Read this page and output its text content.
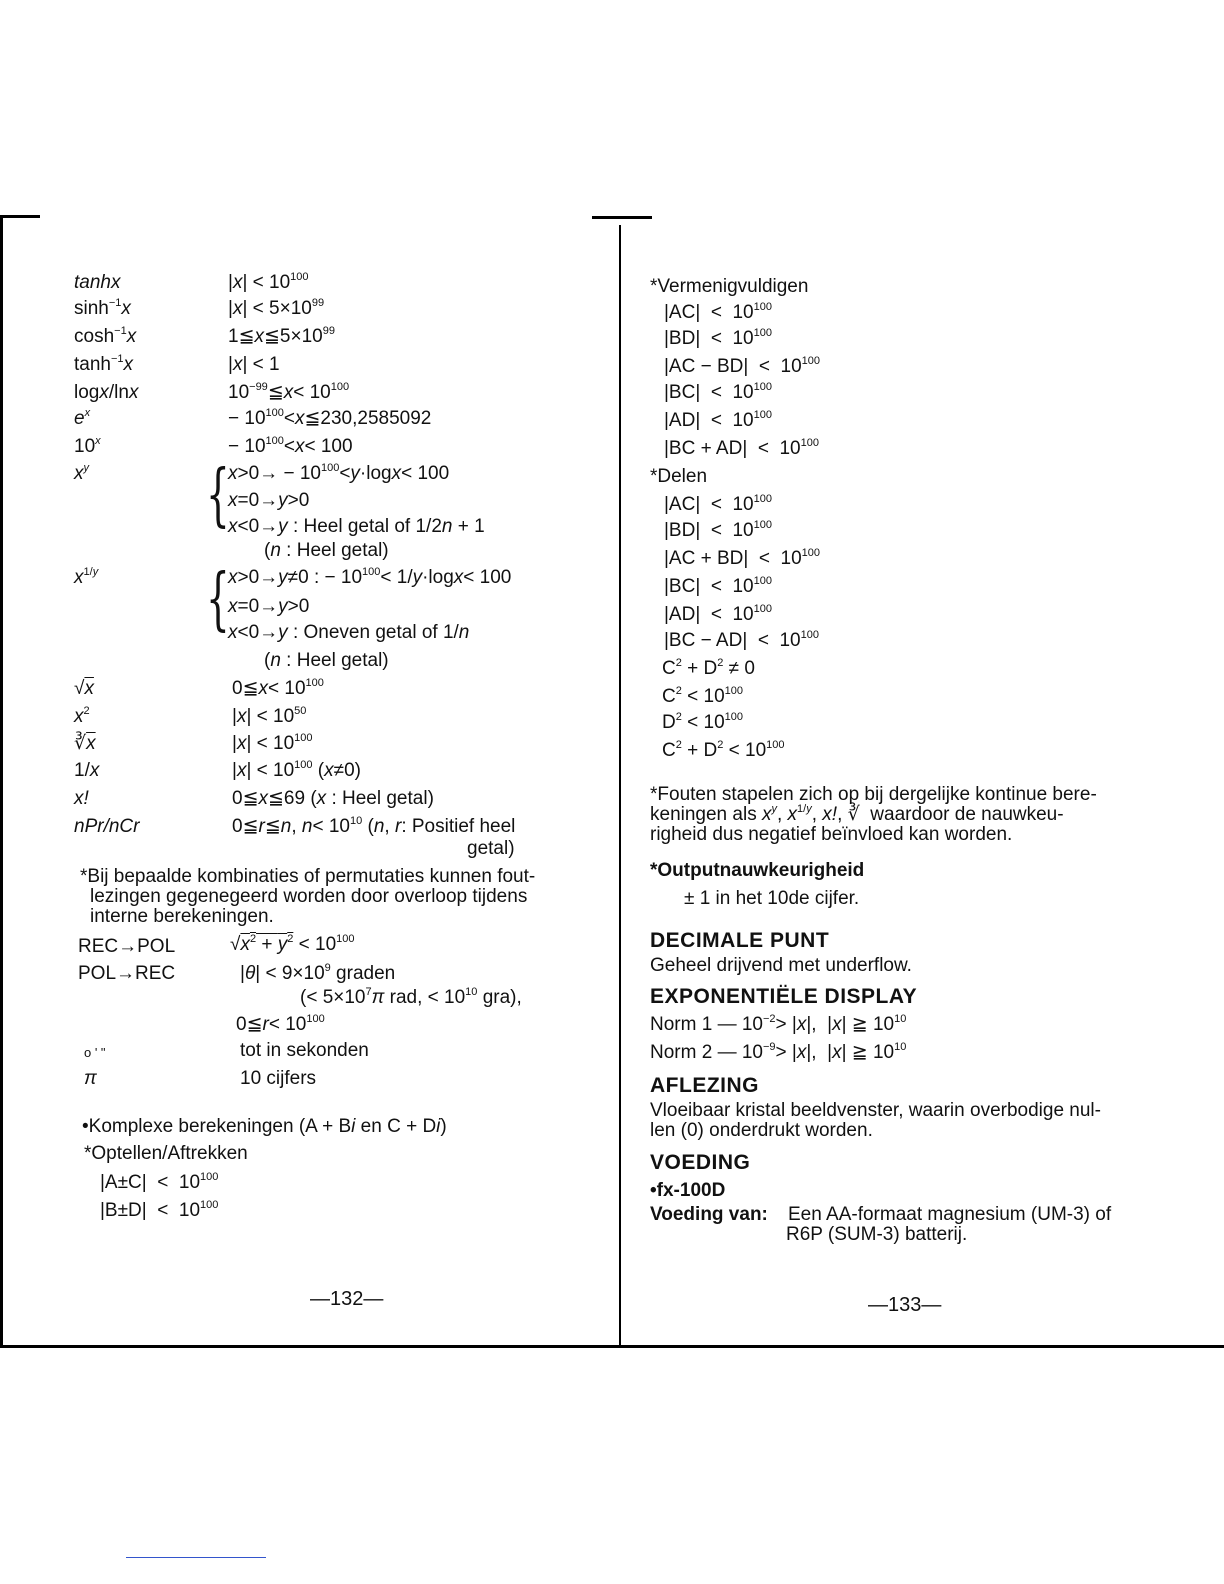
tanhx	$|x| < 10^{100}$
$\sinh^{-1}x$	$|x| < 5\times 10^{99}$
$\cosh^{-1}x$	$1≦x≦5\times 10^{99}$
$\tanh^{-1}x$	|x| < 1
logx/lnx	$10^{-99}≦x< 10^{100}$
$e^x$	− $10^{100}<x≦230,2585092$
$10^x$	− $10^{100}<x< 100$
$x^y$ {
$x>0\to - 10^{100}<y\cdot\log x< 100$
x=0→y>0
x<0→y : Heel getal of 1/2n + 1
(n : Heel getal)
$x^{1/y}$ {
x>0→y≠0 : − $10^{100}< 1/y\cdot\log x< 100$
x=0→y>0
x<0→y : Oneven getal of 1/n
(n : Heel getal)
√x	0≦x< $10^{100}$
$x^2$	$|x| < 10^{50}$
$∛\overline{x}$	$|x| < 10^{100}$
1/x	$|x| < 10^{100}$ (x≠0)
x!	0≦x≦69 (x : Heel getal)
nPr/nCr	0≦r≦n, $n< 10^{10}$ (n, r: Positief heel
getal)
*Bij bepaalde kombinaties of permutaties kunnen fout-
lezingen gegenegeerd worden door overloop tijdens
interne berekeningen.
REC→POL	$√x^2 + y^2 < 10^{100}$
POL→REC	$|\theta| < 9\times 10^9$ graden
(< $5\times 10^7\pi$ rad, < $10^{10}$ gra),
0≦r< $10^{100}$
o ' "	tot in sekonden
π	10 cijfers
•Komplexe berekeningen (A + Bi en C + Di)
*Optellen/Aftrekken
$|A\pm C| < 10^{100}$
$|B\pm D| < 10^{100}$
—132—
*Vermenigvuldigen
$|AC| < 10^{100}$
$|BD| < 10^{100}$
$|AC - BD| < 10^{100}$
$|BC| < 10^{100}$
$|AD| < 10^{100}$
$|BC + AD| < 10^{100}$
*Delen
$|AC| < 10^{100}$
$|BD| < 10^{100}$
$|AC + BD| < 10^{100}$
$|BC| < 10^{100}$
$|AD| < 10^{100}$
$|BC - AD| < 10^{100}$
$C^2 + D^2 \ne 0$
$C^2 < 10^{100}$
$D^2 < 10^{100}$
$C^2 + D^2 < 10^{100}$
*Fouten stapelen zich op bij dergelijke kontinue bere-
keningen als $x^y$, $x^{1/y}$, x!, ∛  waardoor de nauwkeu-
righeid dus negatief beïnvloed kan worden.
*Outputnauwkeurigheid
± 1 in het 10de cijfer.
DECIMALE PUNT
Geheel drijvend met underflow.
EXPONENTIËLE DISPLAY
Norm 1 — $10^{-2}> |x|$,  |x| ≧ $10^{10}$
Norm 2 — $10^{-9}> |x|$,  |x| ≧ $10^{10}$
AFLEZING
Vloeibaar kristal beeldvenster, waarin overbodige nul-
len (0) onderdrukt worden.
VOEDING
•fx-100D
Voeding van: Een AA-formaat magnesium (UM-3) of
R6P (SUM-3) batterij.
—133—
